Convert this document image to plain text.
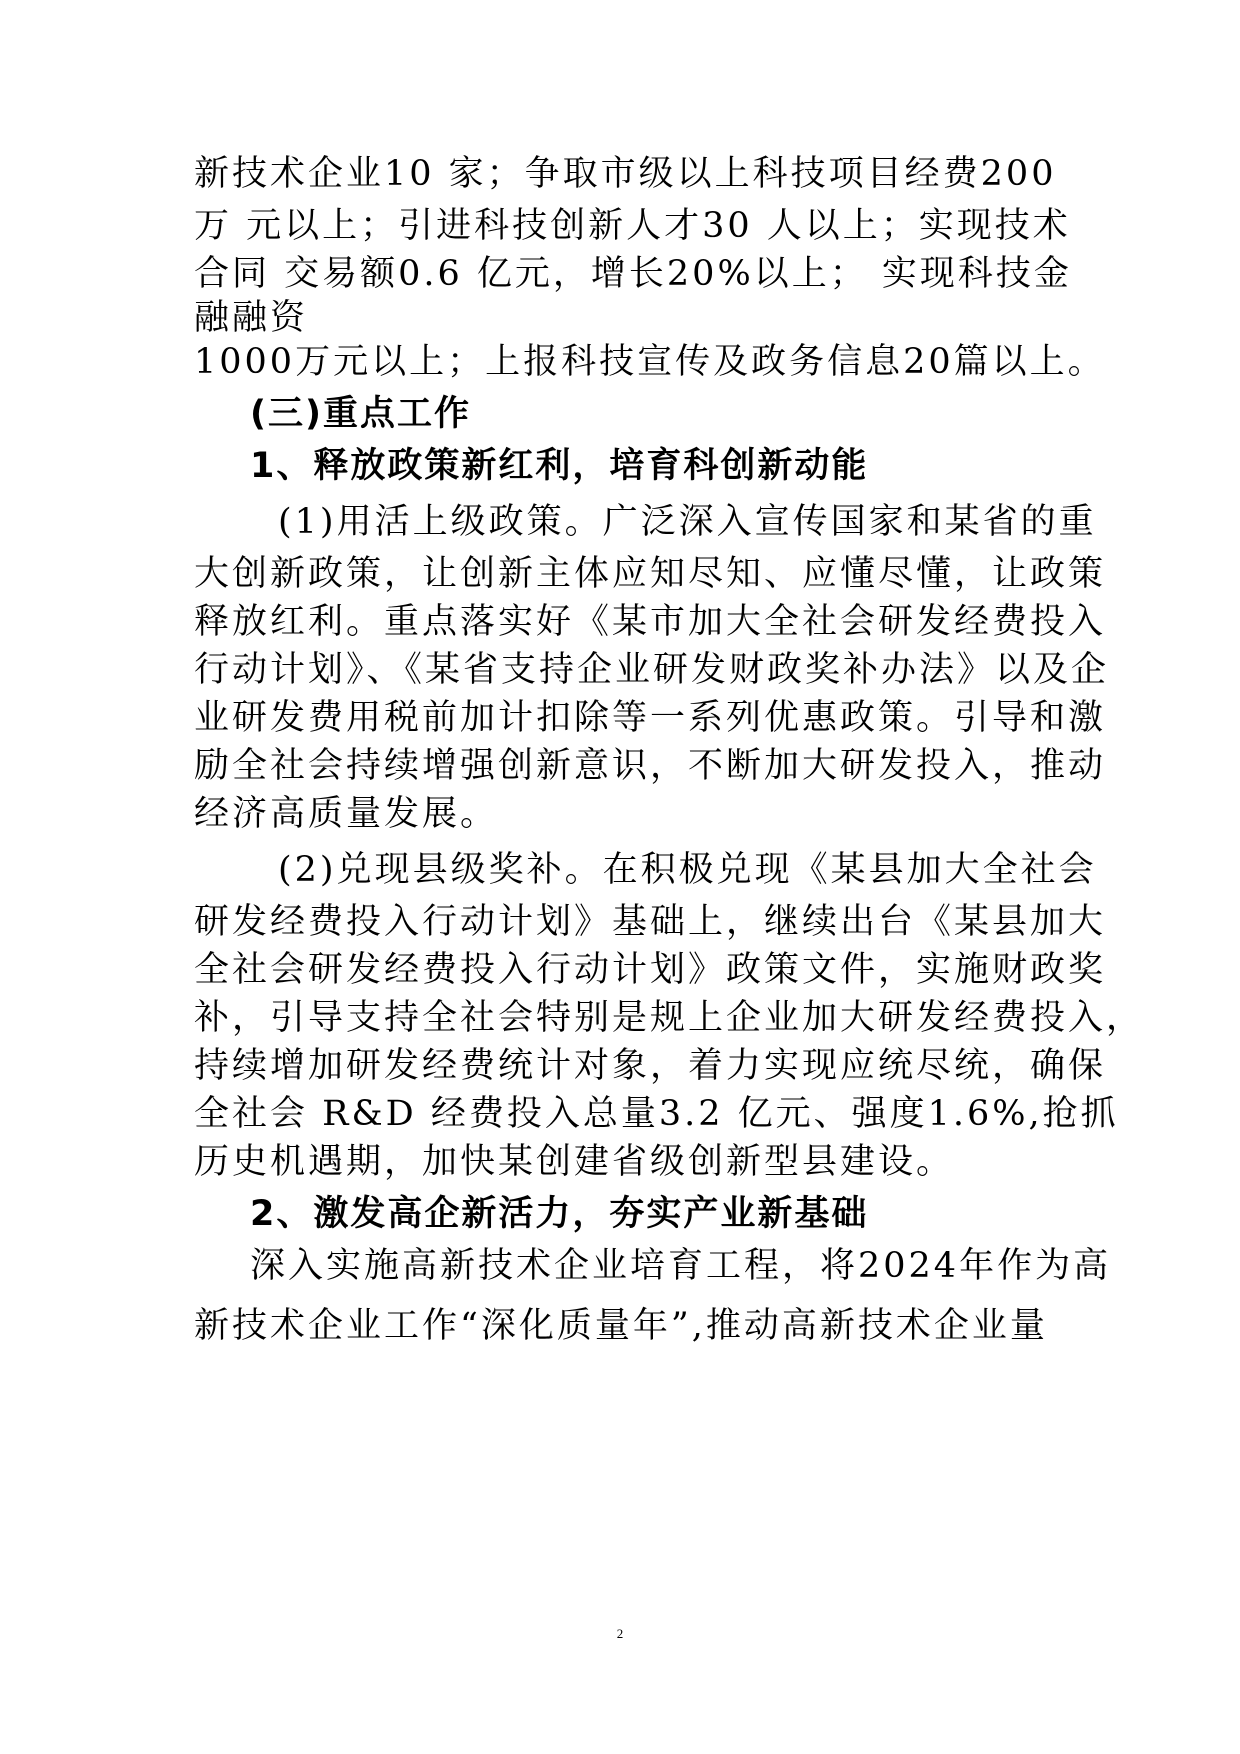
新技术企业10 家；争取市级以上科技项目经费200
万 元以上；引进科技创新人才30 人以上；实现技术
合同 交易额0.6 亿元，增长20%以上； 实现科技金
融融资
1000万元以上；上报科技宣传及政务信息20篇以上。
(三)重点工作
1、释放政策新红利，培育科创新动能
(1)用活上级政策。广泛深入宣传国家和某省的重
大创新政策，让创新主体应知尽知、应懂尽懂，让政策
释放红利。重点落实好《某市加大全社会研发经费投入
行动计划》、《某省支持企业研发财政奖补办法》以及企
业研发费用税前加计扣除等一系列优惠政策。引导和激
励全社会持续增强创新意识，不断加大研发投入，推动
经济高质量发展。
(2)兑现县级奖补。在积极兑现《某县加大全社会
研发经费投入行动计划》基础上，继续出台《某县加大
全社会研发经费投入行动计划》政策文件，实施财政奖
补，引导支持全社会特别是规上企业加大研发经费投入，
持续增加研发经费统计对象，着力实现应统尽统，确保
全社会 R&D 经费投入总量3.2 亿元、强度1.6%,抢抓
历史机遇期，加快某创建省级创新型县建设。
2、激发高企新活力，夯实产业新基础
深入实施高新技术企业培育工程，将2024年作为高
新技术企业工作“深化质量年”,推动高新技术企业量
2
